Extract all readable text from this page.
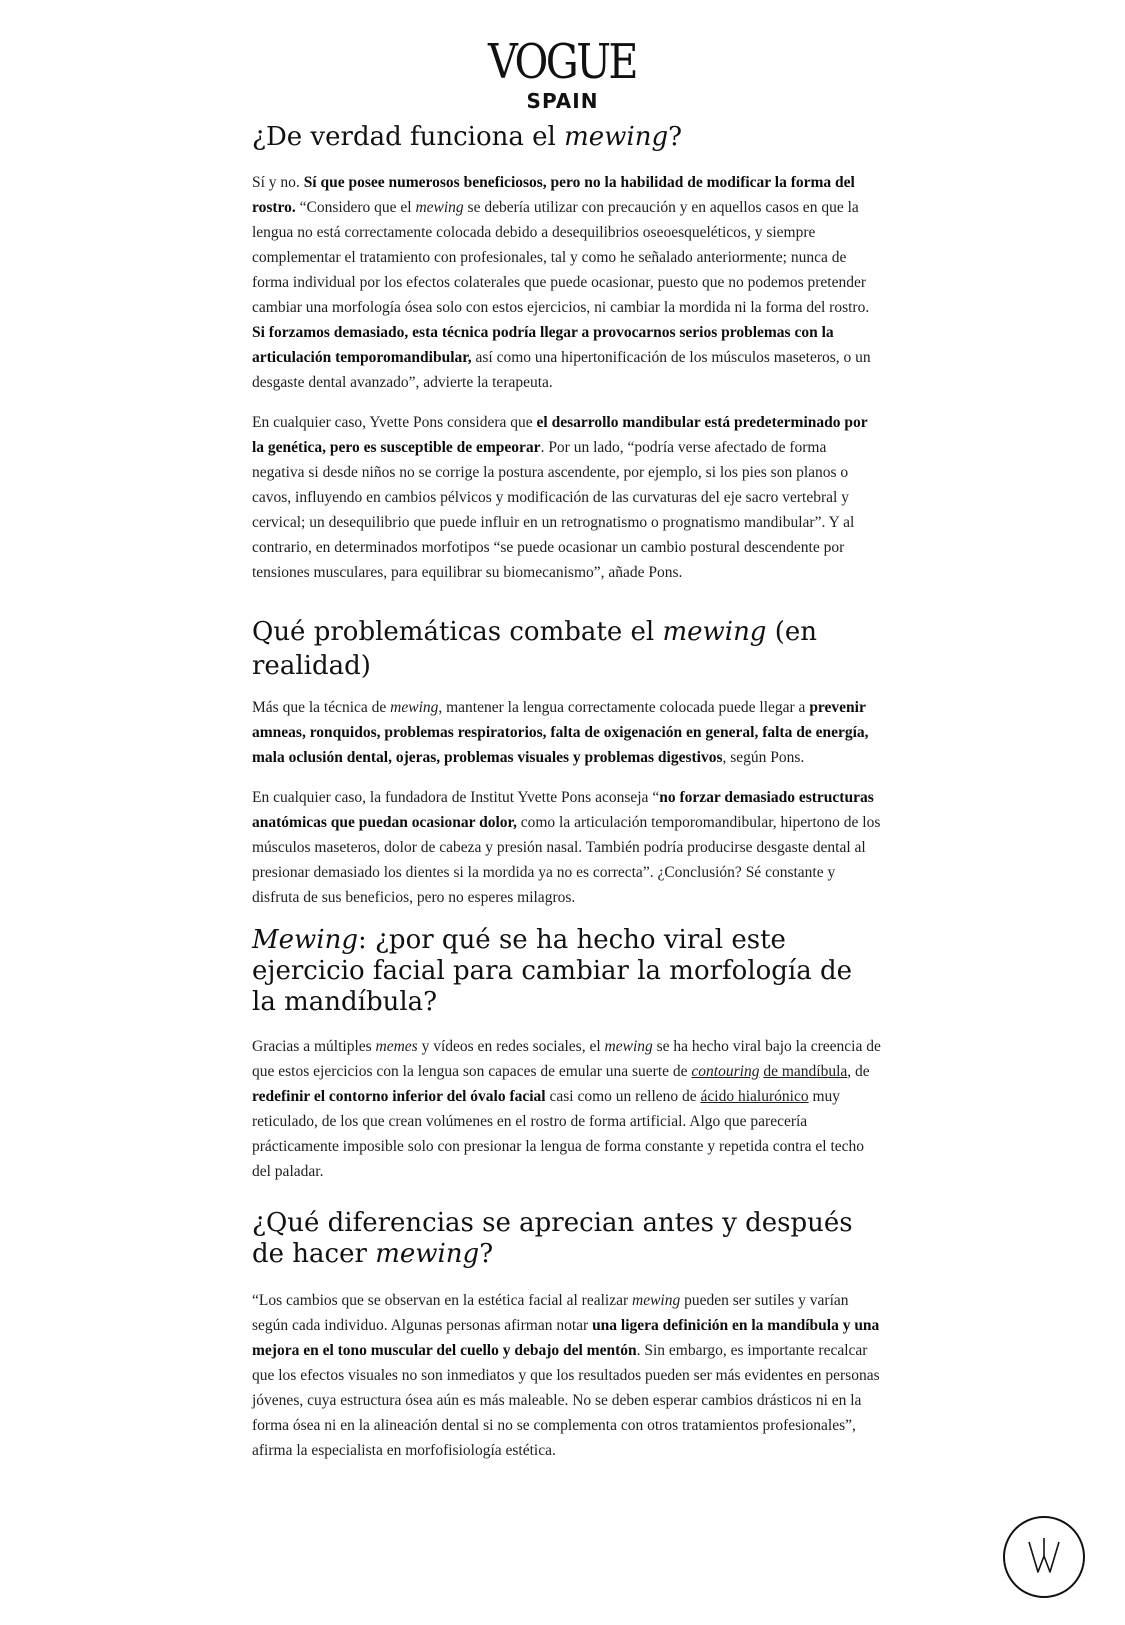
VOGUE
SPAIN
¿De verdad funciona el mewing?

Sí y no. Sí que posee numerosos beneficiosos, pero no la habilidad de modificar la forma del rostro. “Considero que el mewing se debería utilizar con precaución y en aquellos casos en que la lengua no está correctamente colocada debido a desequilibrios oseoesqueléticos, y siempre complementar el tratamiento con profesionales, tal y como he señalado anteriormente; nunca de forma individual por los efectos colaterales que puede ocasionar, puesto que no podemos pretender cambiar una morfología ósea solo con estos ejercicios, ni cambiar la mordida ni la forma del rostro. Si forzamos demasiado, esta técnica podría llegar a provocarnos serios problemas con la articulación temporomandibular, así como una hipertonificación de los músculos maseteros, o un desgaste dental avanzado”, advierte la terapeuta.

En cualquier caso, Yvette Pons considera que el desarrollo mandibular está predeterminado por la genética, pero es susceptible de empeorar. Por un lado, “podría verse afectado de forma negativa si desde niños no se corrige la postura ascendente, por ejemplo, si los pies son planos o cavos, influyendo en cambios pélvicos y modificación de las curvaturas del eje sacro vertebral y cervical; un desequilibrio que puede influir en un retrognatismo o prognatismo mandibular”. Y al contrario, en determinados morfotipos “se puede ocasionar un cambio postural descendente por tensiones musculares, para equilibrar su biomecanismo”, añade Pons.

Qué problemáticas combate el mewing (en realidad)

Más que la técnica de mewing, mantener la lengua correctamente colocada puede llegar a prevenir amneas, ronquidos, problemas respiratorios, falta de oxigenación en general, falta de energía, mala oclusión dental, ojeras, problemas visuales y problemas digestivos, según Pons.

En cualquier caso, la fundadora de Institut Yvette Pons aconseja “no forzar demasiado estructuras anatómicas que puedan ocasionar dolor, como la articulación temporomandibular, hipertono de los músculos maseteros, dolor de cabeza y presión nasal. También podría producirse desgaste dental al presionar demasiado los dientes si la mordida ya no es correcta”. ¿Conclusión? Sé constante y disfruta de sus beneficios, pero no esperes milagros.

Mewing: ¿por qué se ha hecho viral este ejercicio facial para cambiar la morfología de la mandíbula?

Gracias a múltiples memes y vídeos en redes sociales, el mewing se ha hecho viral bajo la creencia de que estos ejercicios con la lengua son capaces de emular una suerte de contouring de mandíbula, de redefinir el contorno inferior del óvalo facial casi como un relleno de ácido hialurónico muy reticulado, de los que crean volúmenes en el rostro de forma artificial. Algo que parecería prácticamente imposible solo con presionar la lengua de forma constante y repetida contra el techo del paladar.

¿Qué diferencias se aprecian antes y después de hacer mewing?

“Los cambios que se observan en la estética facial al realizar mewing pueden ser sutiles y varían según cada individuo. Algunas personas afirman notar una ligera definición en la mandíbula y una mejora en el tono muscular del cuello y debajo del mentón. Sin embargo, es importante recalcar que los efectos visuales no son inmediatos y que los resultados pueden ser más evidentes en personas jóvenes, cuya estructura ósea aún es más maleable. No se deben esperar cambios drásticos ni en la forma ósea ni en la alineación dental si no se complementa con otros tratamientos profesionales”, afirma la especialista en morfofisiología estética.
